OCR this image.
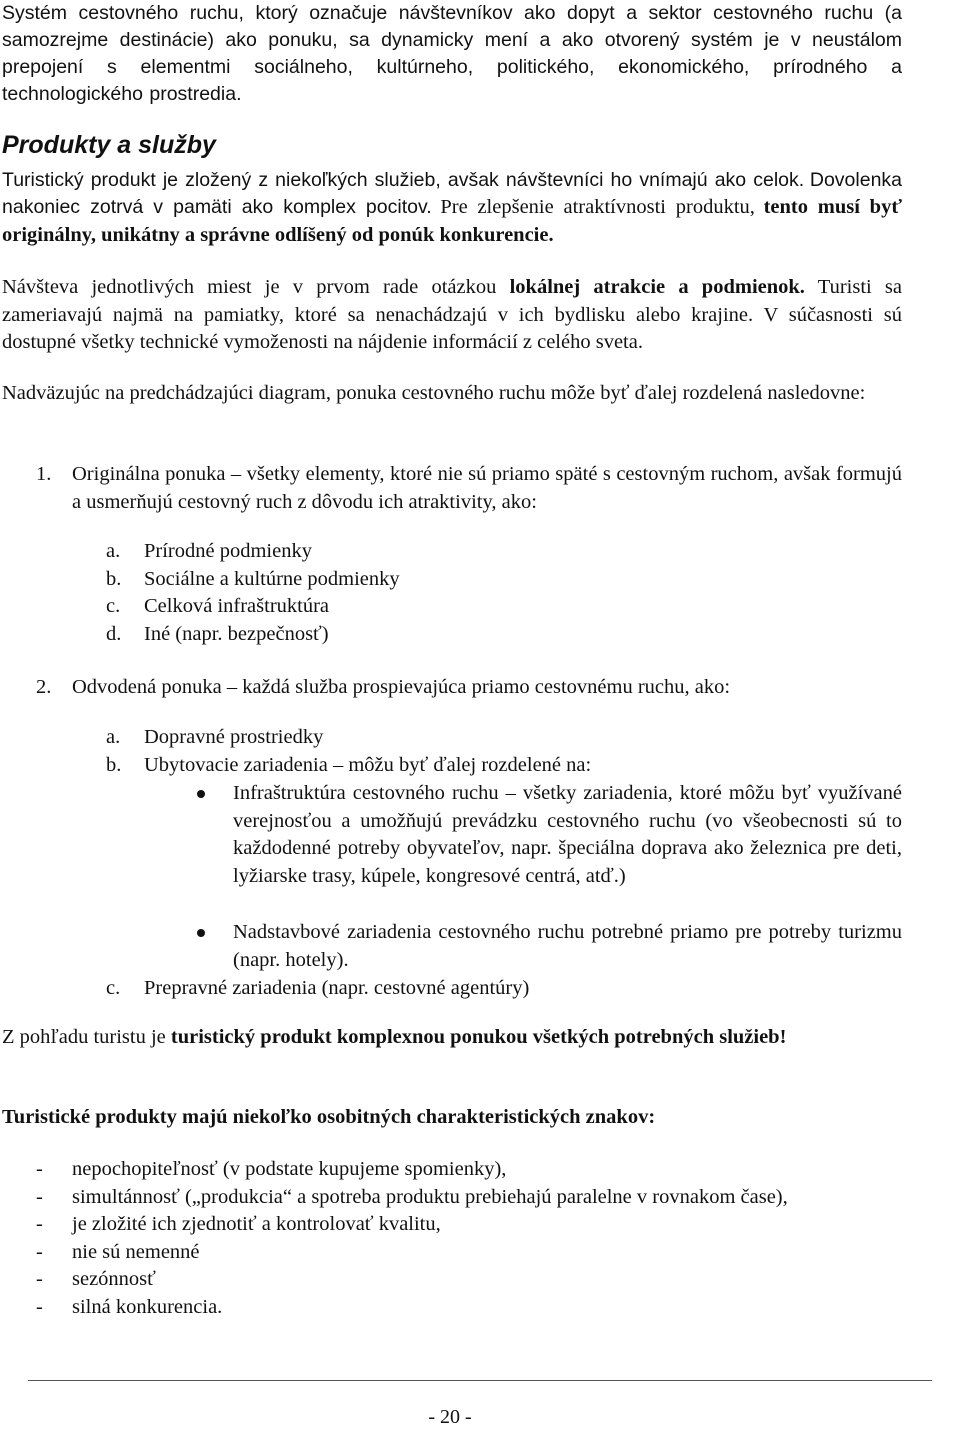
Systém cestovného ruchu, ktorý označuje návštevníkov ako dopyt a sektor cestovného ruchu (a samozrejme destinácie) ako ponuku, sa dynamicky mení a ako otvorený systém je v neustálom prepojení s elementmi sociálneho, kultúrneho, politického, ekonomického, prírodného a technologického prostredia.

Produkty a služby

Turistický produkt je zložený z niekoľkých služieb, avšak návštevníci ho vnímajú ako celok. Dovolenka nakoniec zotrvá v pamäti ako komplex pocitov. Pre zlepšenie atraktívnosti produktu, tento musí byť originálny, unikátny a správne odlíšený od ponúk konkurencie.

Návšteva jednotlivých miest je v prvom rade otázkou lokálnej atrakcie a podmienok. Turisti sa zameriavajú najmä na pamiatky, ktoré sa nenachádzajú v ich bydlisku alebo krajine. V súčasnosti sú dostupné všetky technické vymoženosti na nájdenie informácií z celého sveta.

Nadväzujúc na predchádzajúci diagram, ponuka cestovného ruchu môže byť ďalej rozdelená nasledovne:

1. Originálna ponuka – všetky elementy, ktoré nie sú priamo späté s cestovným ruchom, avšak formujú a usmerňujú cestovný ruch z dôvodu ich atraktivity, ako:
a. Prírodné podmienky
b. Sociálne a kultúrne podmienky
c. Celková infraštruktúra
d. Iné (napr. bezpečnosť)
2. Odvodená ponuka – každá služba prospievajúca priamo cestovnému ruchu, ako:
a. Dopravné prostriedky
b. Ubytovacie zariadenia – môžu byť ďalej rozdelené na:
Infraštruktúra cestovného ruchu – všetky zariadenia, ktoré môžu byť využívané verejnosťou a umožňujú prevádzku cestovného ruchu (vo všeobecnosti sú to každodenné potreby obyvateľov, napr. špeciálna doprava ako železnica pre deti, lyžiarske trasy, kúpele, kongresové centrá, atď.)
Nadstavbové zariadenia cestovného ruchu potrebné priamo pre potreby turizmu (napr. hotely).
c. Prepravné zariadenia (napr. cestovné agentúry)

Z pohľadu turistu je turistický produkt komplexnou ponukou všetkých potrebných služieb!

Turistické produkty majú niekoľko osobitných charakteristických znakov:

- nepochopiteľnosť (v podstate kupujeme spomienky),

- simultánnosť („produkcia“ a spotreba produktu prebiehajú paralelne v rovnakom čase),

- je zložité ich zjednotiť a kontrolovať kvalitu,

- nie sú nemenné

- sezónnosť

- silná konkurencia.

- 20 -
